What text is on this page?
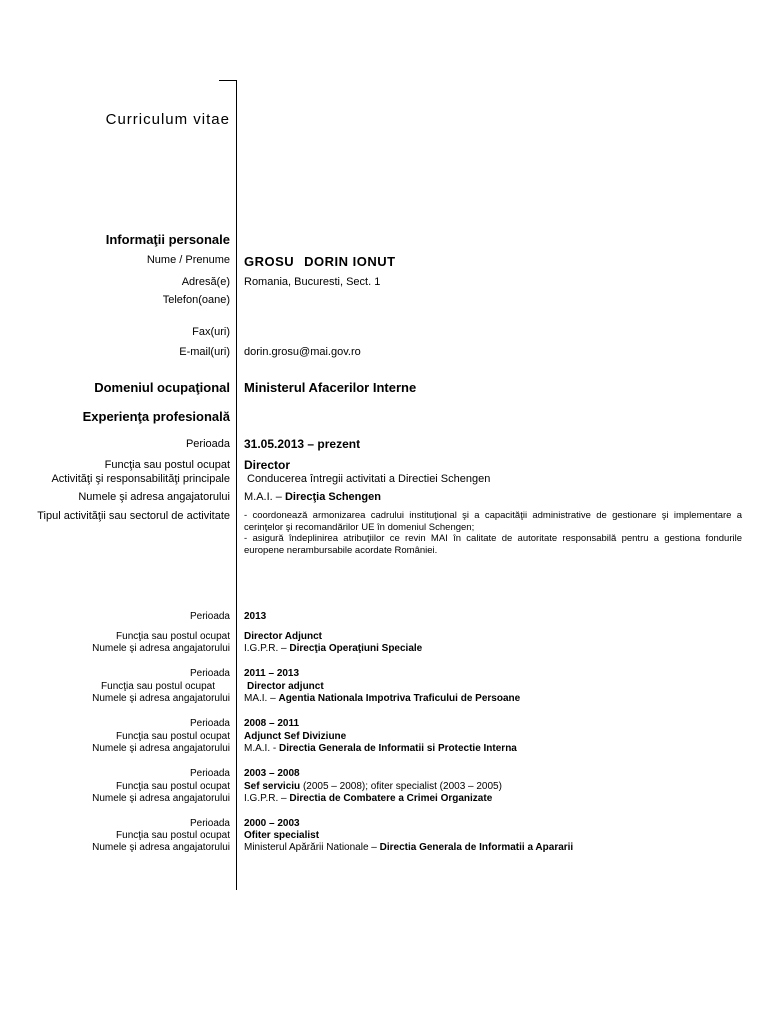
Curriculum vitae
Informaţii personale
Nume / Prenume GROSU DORIN IONUT
Adresă(e) Romania, Bucuresti, Sect. 1
Telefon(oane)
Fax(uri)
E-mail(uri) dorin.grosu@mai.gov.ro
Domeniul ocupaţional Ministerul Afacerilor Interne
Experienţa profesională
Perioada 31.05.2013 – prezent
Funcţia sau postul ocupat Director
Activităţi şi responsabilităţi principale Conducerea întregii activitati a Directiei Schengen
Numele şi adresa angajatorului M.A.I. – Direcţia Schengen
Tipul activităţii sau sectorul de activitate - coordonează armonizarea cadrului instituţional şi a capacităţii administrative de gestionare şi implementare a cerinţelor şi recomandărilor UE în domeniul Schengen;
- asigură îndeplinirea atribuţiilor ce revin MAI în calitate de autoritate responsabilă pentru a gestiona fondurile europene nerambursabile acordate României.
Perioada 2013
Funcţia sau postul ocupat Director Adjunct
Numele şi adresa angajatorului I.G.P.R. – Direcţia Operaţiuni Speciale
Perioada 2011 – 2013
Funcţia sau postul ocupat	Director adjunct
Numele şi adresa angajatorului MA.I. – Agentia Nationala Impotriva Traficului de Persoane
Perioada 2008 – 2011
Funcţia sau postul ocupat Adjunct Sef Diviziune
Numele şi adresa angajatorului M.A.I. - Directia Generala de Informatii si Protectie Interna
Perioada 2003 – 2008
Funcţia sau postul ocupat Sef serviciu (2005 – 2008); ofiter specialist (2003 – 2005)
Numele şi adresa angajatorului I.G.P.R. – Directia de Combatere a Crimei Organizate
Perioada 2000 – 2003
Funcţia sau postul ocupat Ofiter specialist
Numele şi adresa angajatorului Ministerul Apărării Nationale – Directia Generala de Informatii a Apararii
